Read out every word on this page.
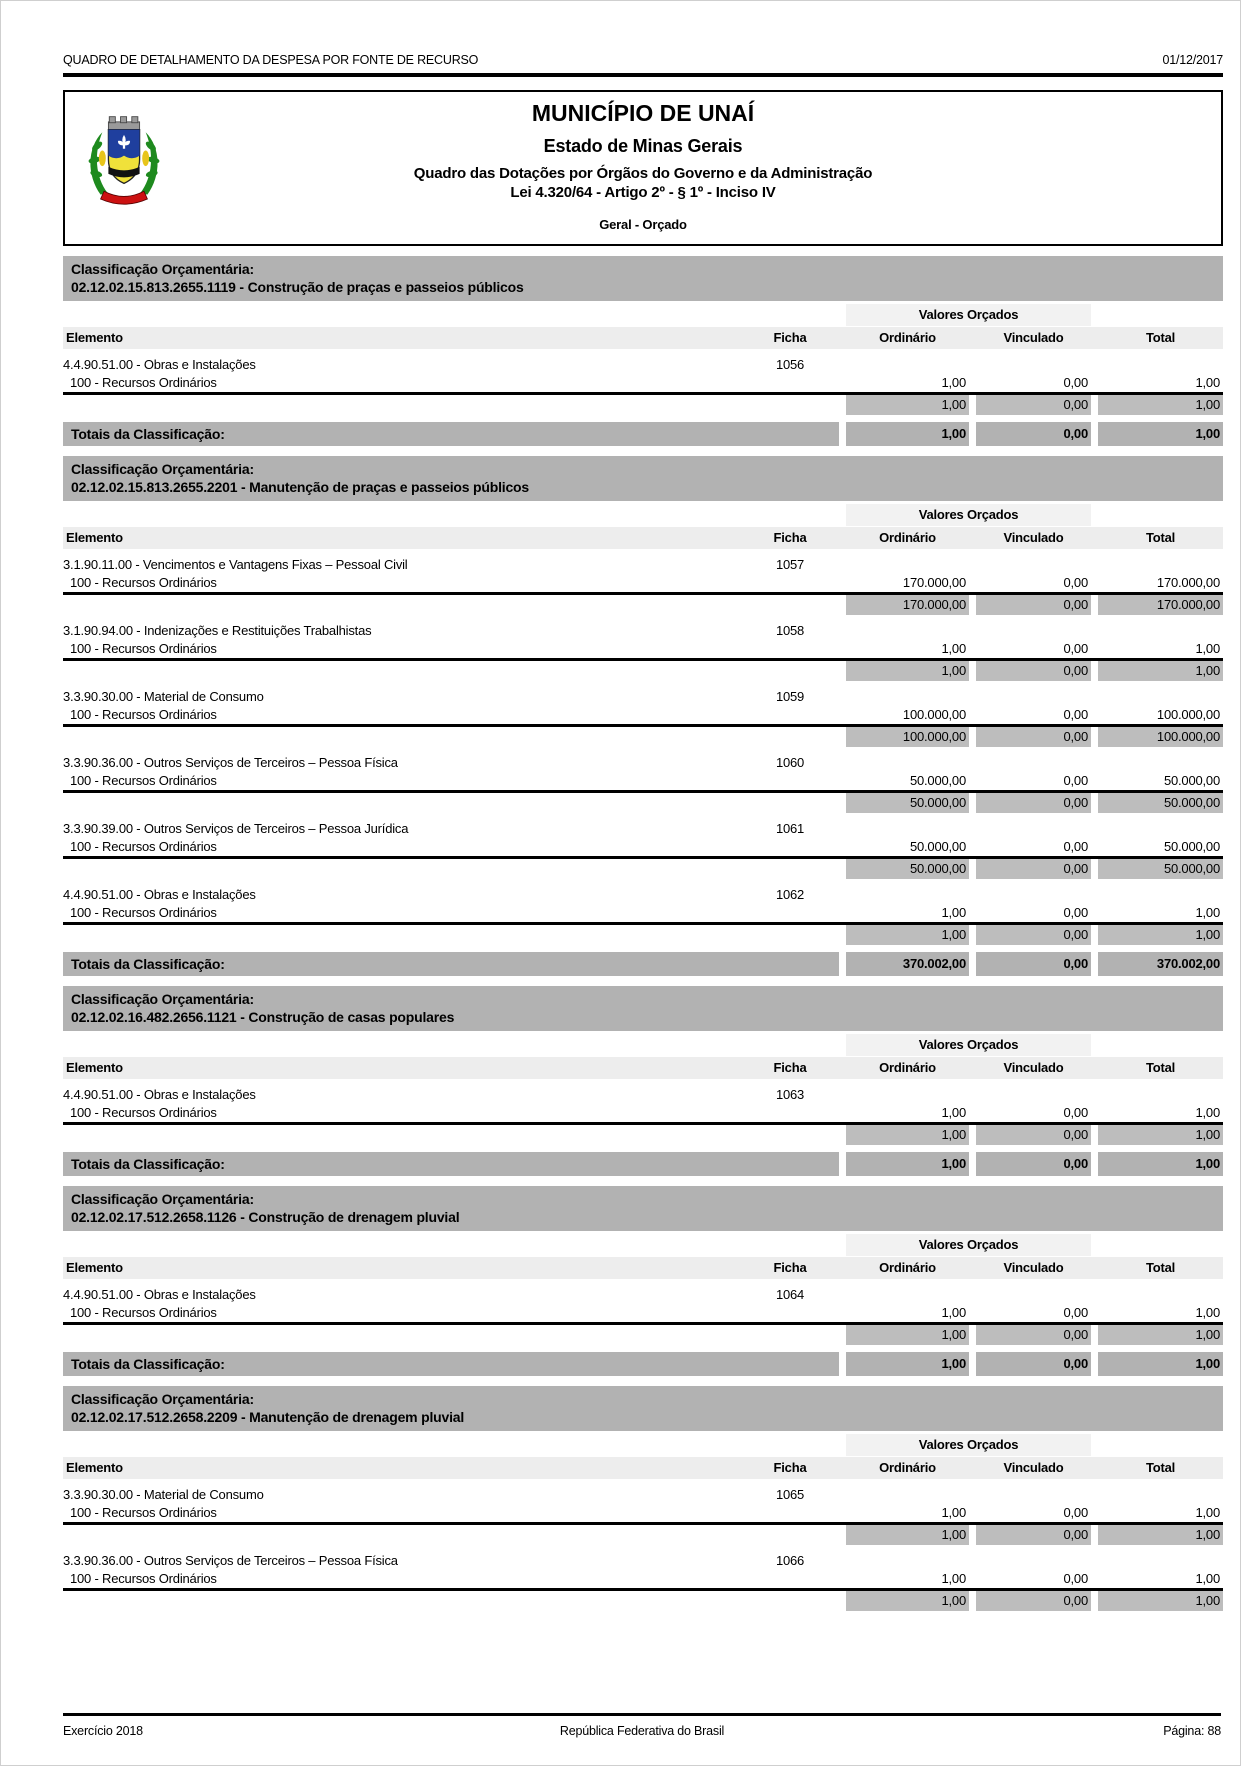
QUADRO DE DETALHAMENTO DA DESPESA POR FONTE DE RECURSO	01/12/2017
MUNICÍPIO DE UNAÍ
Estado de Minas Gerais
Quadro das Dotações por Órgãos do Governo e da Administração
Lei 4.320/64 - Artigo 2º - § 1º - Inciso IV
Geral - Orçado
Classificação Orçamentária:
02.12.02.15.813.2655.1119 - Construção de praças e passeios públicos
Valores Orçados
Elemento	Ficha	Ordinário	Vinculado	Total
4.4.90.51.00 - Obras e Instalações	1056
100 - Recursos Ordinários	1,00	0,00	1,00
1,00	0,00	1,00
Totais da Classificação:	1,00	0,00	1,00
Classificação Orçamentária:
02.12.02.15.813.2655.2201 - Manutenção de praças e passeios públicos
Valores Orçados
Elemento	Ficha	Ordinário	Vinculado	Total
3.1.90.11.00 - Vencimentos e Vantagens Fixas – Pessoal Civil	1057
100 - Recursos Ordinários	170.000,00	0,00	170.000,00
170.000,00	0,00	170.000,00
3.1.90.94.00 - Indenizações e Restituições Trabalhistas	1058
100 - Recursos Ordinários	1,00	0,00	1,00
1,00	0,00	1,00
3.3.90.30.00 - Material de Consumo	1059
100 - Recursos Ordinários	100.000,00	0,00	100.000,00
100.000,00	0,00	100.000,00
3.3.90.36.00 - Outros Serviços de Terceiros – Pessoa Física	1060
100 - Recursos Ordinários	50.000,00	0,00	50.000,00
50.000,00	0,00	50.000,00
3.3.90.39.00 - Outros Serviços de Terceiros – Pessoa Jurídica	1061
100 - Recursos Ordinários	50.000,00	0,00	50.000,00
50.000,00	0,00	50.000,00
4.4.90.51.00 - Obras e Instalações	1062
100 - Recursos Ordinários	1,00	0,00	1,00
1,00	0,00	1,00
Totais da Classificação:	370.002,00	0,00	370.002,00
Classificação Orçamentária:
02.12.02.16.482.2656.1121 - Construção de casas populares
Valores Orçados
Elemento	Ficha	Ordinário	Vinculado	Total
4.4.90.51.00 - Obras e Instalações	1063
100 - Recursos Ordinários	1,00	0,00	1,00
1,00	0,00	1,00
Totais da Classificação:	1,00	0,00	1,00
Classificação Orçamentária:
02.12.02.17.512.2658.1126 - Construção de drenagem pluvial
Valores Orçados
Elemento	Ficha	Ordinário	Vinculado	Total
4.4.90.51.00 - Obras e Instalações	1064
100 - Recursos Ordinários	1,00	0,00	1,00
1,00	0,00	1,00
Totais da Classificação:	1,00	0,00	1,00
Classificação Orçamentária:
02.12.02.17.512.2658.2209 - Manutenção de drenagem pluvial
Valores Orçados
Elemento	Ficha	Ordinário	Vinculado	Total
3.3.90.30.00 - Material de Consumo	1065
100 - Recursos Ordinários	1,00	0,00	1,00
1,00	0,00	1,00
3.3.90.36.00 - Outros Serviços de Terceiros – Pessoa Física	1066
100 - Recursos Ordinários	1,00	0,00	1,00
1,00	0,00	1,00
Exercício 2018	República Federativa do Brasil	Página: 88
